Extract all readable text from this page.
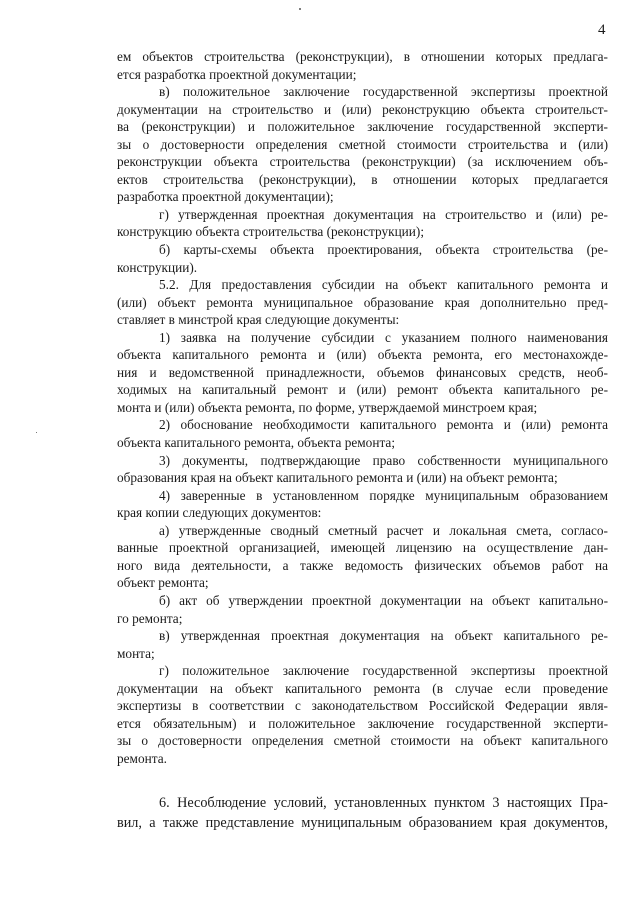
4
ем объектов строительства (реконструкции), в отношении которых предлага-
ется разработка проектной документации;
в) положительное заключение государственной экспертизы проектной
документации на строительство и (или) реконструкцию объекта строительст-
ва (реконструкции) и положительное заключение государственной эксперти-
зы о достоверности определения сметной стоимости строительства и (или)
реконструкции объекта строительства (реконструкции) (за исключением объ-
ектов строительства (реконструкции), в отношении которых предлагается
разработка проектной документации);
г) утвержденная проектная документация на строительство и (или) ре-
конструкцию объекта строительства (реконструкции);
б) карты-схемы объекта проектирования, объекта строительства (ре-
конструкции).
5.2. Для предоставления субсидии на объект капитального ремонта и
(или) объект ремонта муниципальное образование края дополнительно пред-
ставляет в минстрой края следующие документы:
1) заявка на получение субсидии с указанием полного наименования
объекта капитального ремонта и (или) объекта ремонта, его местонахожде-
ния и ведомственной принадлежности, объемов финансовых средств, необ-
ходимых на капитальный ремонт и (или) ремонт объекта капитального ре-
монта и (или) объекта ремонта, по форме, утверждаемой минстроем края;
2) обоснование необходимости капитального ремонта и (или) ремонта
объекта капитального ремонта, объекта ремонта;
3) документы, подтверждающие право собственности муниципального
образования края на объект капитального ремонта и (или) на объект ремонта;
4) заверенные в установленном порядке муниципальным образованием
края копии следующих документов:
а) утвержденные сводный сметный расчет и локальная смета, согласо-
ванные проектной организацией, имеющей лицензию на осуществление дан-
ного вида деятельности, а также ведомость физических объемов работ на
объект ремонта;
б) акт об утверждении проектной документации на объект капитально-
го ремонта;
в) утвержденная проектная документация на объект капитального ре-
монта;
г) положительное заключение государственной экспертизы проектной
документации на объект капитального ремонта (в случае если проведение
экспертизы в соответствии с законодательством Российской Федерации явля-
ется обязательным) и положительное заключение государственной эксперти-
зы о достоверности определения сметной стоимости на объект капитального
ремонта.
6. Несоблюдение условий, установленных пунктом 3 настоящих Пра-
вил, а также представление муниципальным образованием края документов,
